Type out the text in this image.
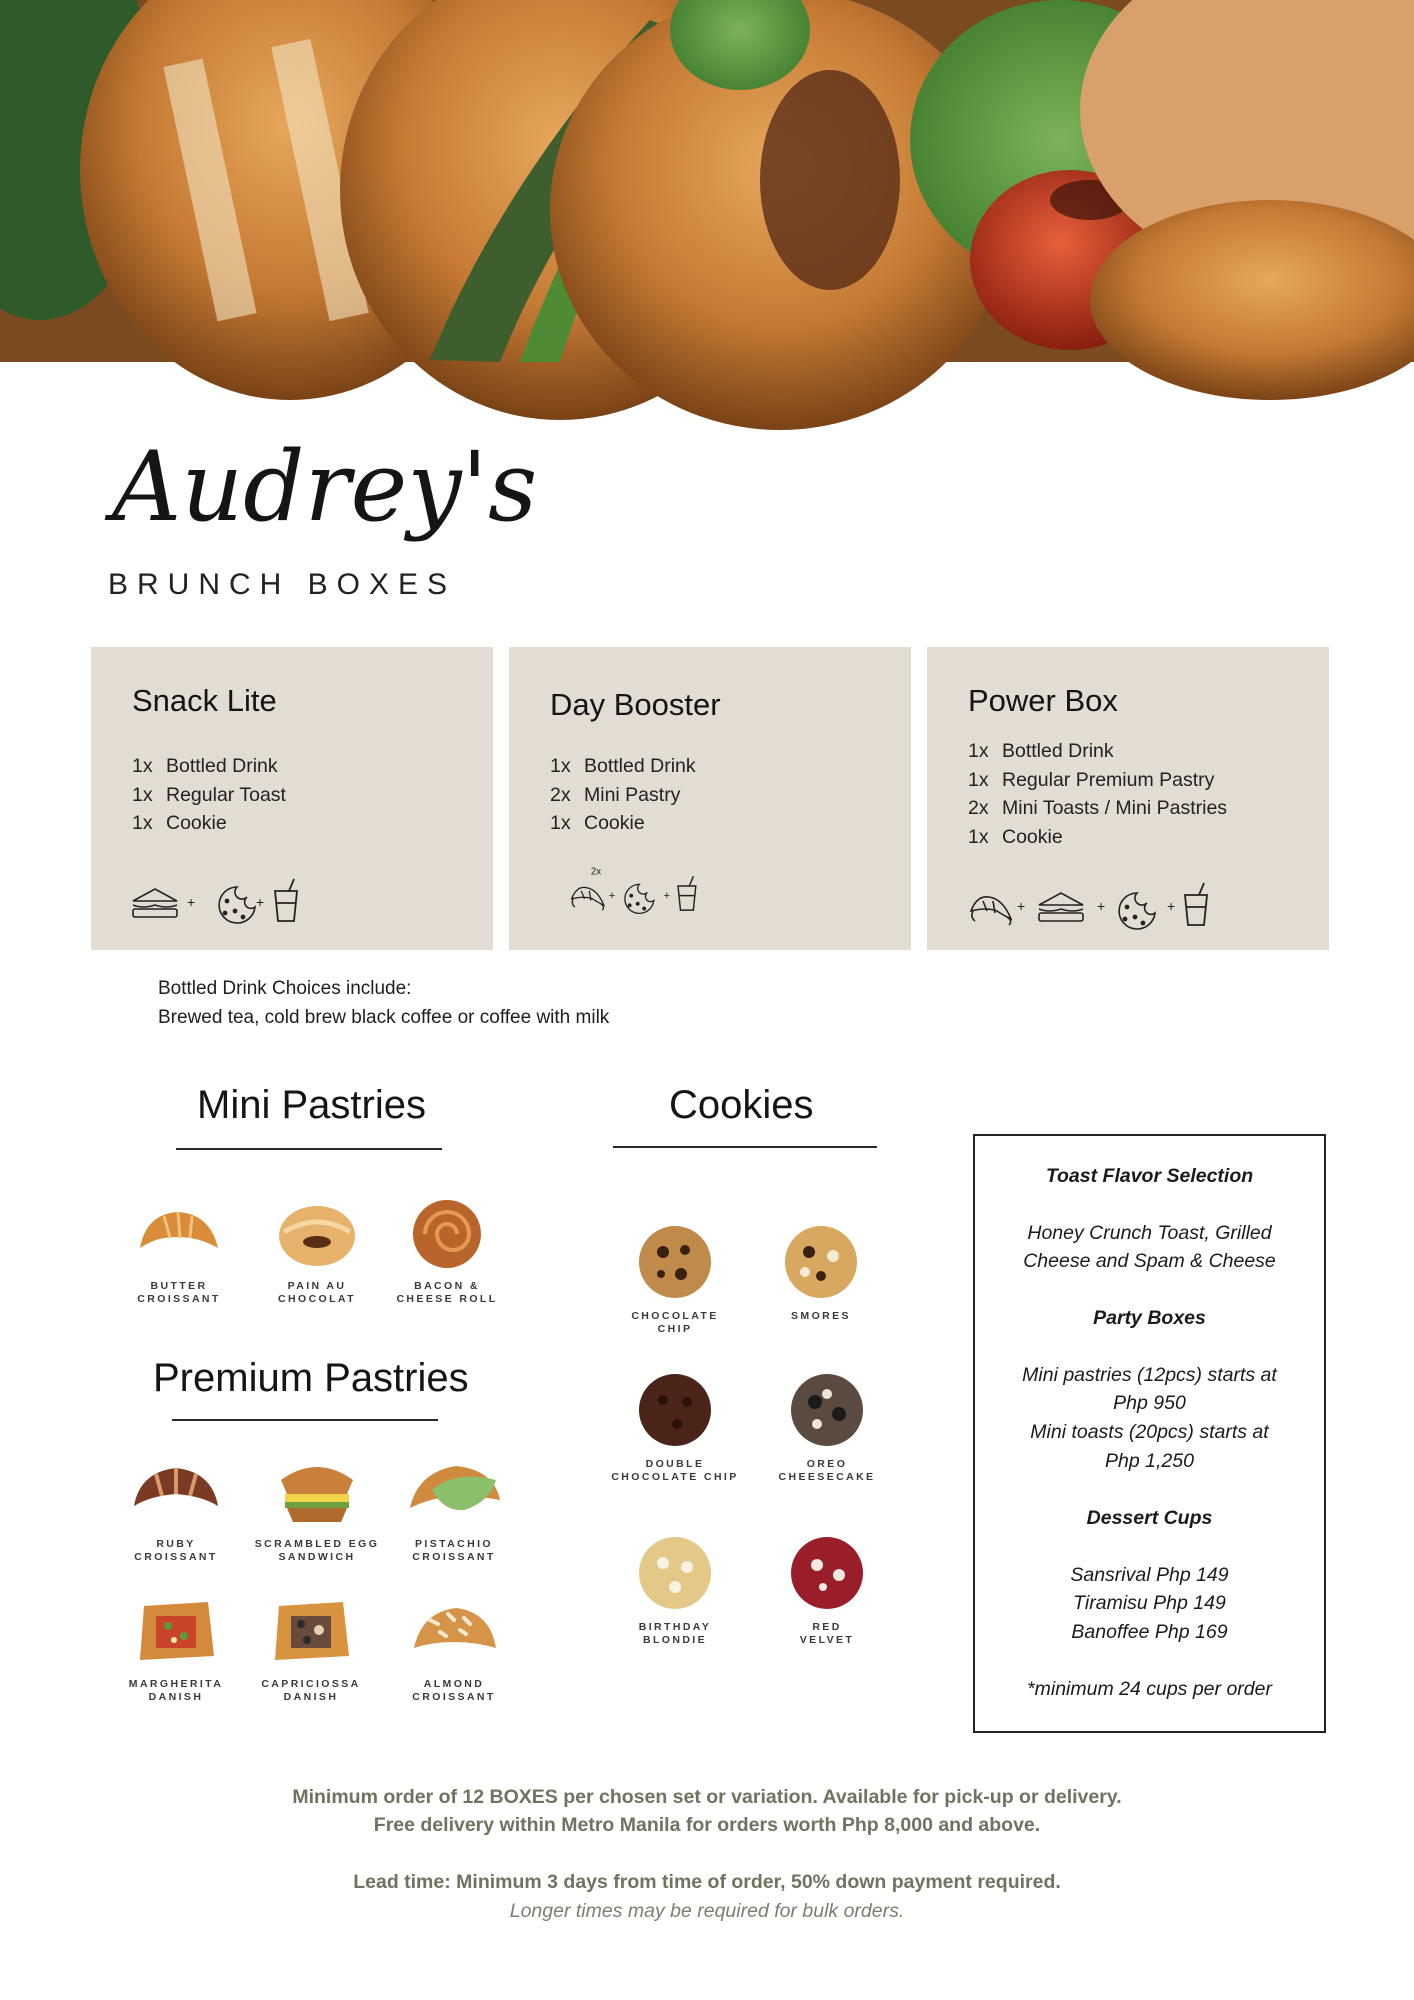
Audrey's
BRUNCH BOXES
Snack Lite
1x Bottled Drink
1x Regular Toast
1x Cookie
+	+
Day Booster
1x Bottled Drink
2x Mini Pastry
1x Cookie
2x
+	+
Power Box
1x Bottled Drink
1x Regular Premium Pastry
2x Mini Toasts / Mini Pastries
1x Cookie
+	+	+
Bottled Drink Choices include:
Brewed tea, cold brew black coffee or coffee with milk
Mini Pastries
BUTTER
CROISSANT
PAIN AU
CHOCOLAT
BACON &
CHEESE ROLL
Premium Pastries
RUBY
CROISSANT
SCRAMBLED EGG
SANDWICH
PISTACHIO
CROISSANT
MARGHERITA
DANISH
CAPRICIOSSA
DANISH
ALMOND
CROISSANT
Cookies
CHOCOLATE
CHIP
SMORES
DOUBLE
CHOCOLATE CHIP
OREO
CHEESECAKE
BIRTHDAY
BLONDIE
RED
VELVET

Toast Flavor Selection

Honey Crunch Toast, Grilled

Cheese and Spam & Cheese

Party Boxes

Mini pastries (12pcs) starts at

Php 950

Mini toasts (20pcs) starts at

Php 1,250

Dessert Cups

Sansrival Php 149

Tiramisu Php 149

Banoffee Php 169

*minimum 24 cups per order

Minimum order of 12 BOXES per chosen set or variation. Available for pick-up or delivery.
Free delivery within Metro Manila for orders worth Php 8,000 and above.
Lead time: Minimum 3 days from time of order, 50% down payment required.
Longer times may be required for bulk orders.
